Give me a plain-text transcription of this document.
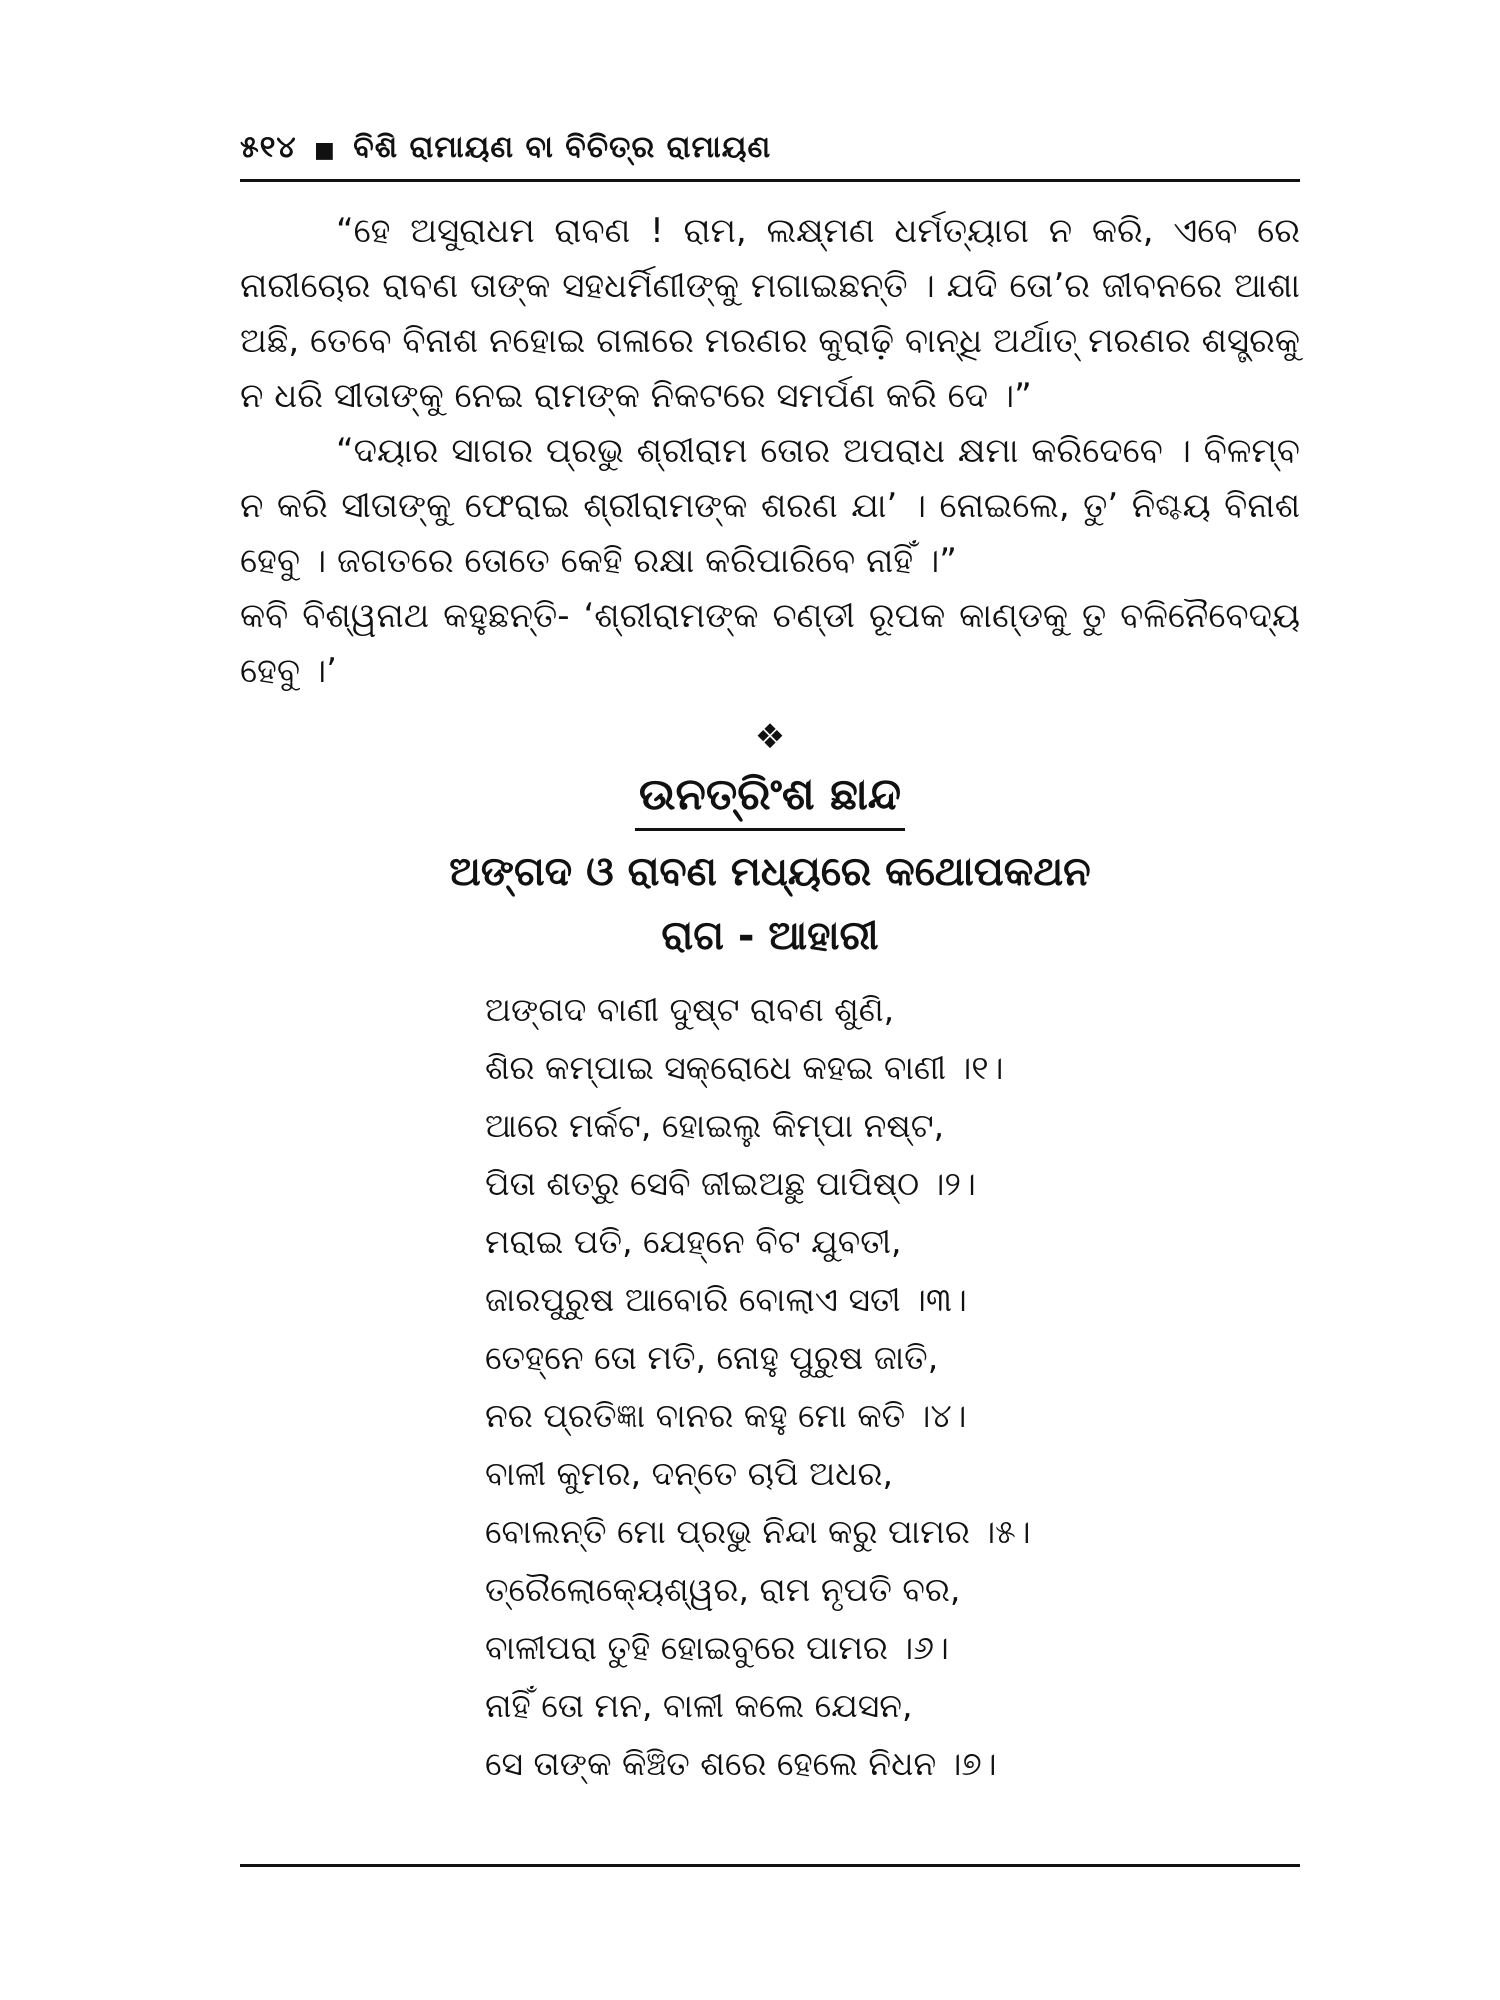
୫୧୪ ■ ବିଶି ରାମାୟଣ ବା ବିଚିତ୍ର ରାମାୟଣ

“ହେ ଅସୁରାଧମ ରାବଣ ! ରାମ, ଲକ୍ଷ୍ମଣ ଧର୍ମତ୍ୟାଗ ନ କରି, ଏବେ ରେ ନାରୀଚୋର ରାବଣ ତାଙ୍କ ସହଧର୍ମିଣୀଙ୍କୁ ମଗାଇଛନ୍ତି । ଯଦି ତୋ’ର ଜୀବନରେ ଆଶା ଅଛି, ତେବେ ବିନାଶ ନହୋଇ ଗଳାରେ ମରଣର କୁରାଢ଼ି ବାନ୍ଧି ଅର୍ଥାତ୍ ମରଣର ଶସ୍ତ୍ରକୁ ନ ଧରି ସୀତାଙ୍କୁ ନେଇ ରାମଙ୍କ ନିକଟରେ ସମର୍ପଣ କରି ଦେ ।”

“ଦୟାର ସାଗର ପ୍ରଭୁ ଶ୍ରୀରାମ ତୋର ଅପରାଧ କ୍ଷମା କରିଦେବେ । ବିଳମ୍ବ ନ କରି ସୀତାଙ୍କୁ ଫେରାଇ ଶ୍ରୀରାମଙ୍କ ଶରଣ ଯା’ । ନୋଇଲେ, ତୁ’ ନିଶ୍ଚୟ ବିନାଶ ହେବୁ । ଜଗତରେ ତୋତେ କେହି ରକ୍ଷା କରିପାରିବେ ନାହିଁ ।”

କବି ବିଶ୍ୱନାଥ କହୁଛନ୍ତି- ‘ଶ୍ରୀରାମଙ୍କ ଚଣ୍ଡୀ ରୂପକ କାଣ୍ଡକୁ ତୁ ବଳିନୈବେଦ୍ୟ ହେବୁ ।’

❖
ଉନତ୍ରିଂଶ ଛାନ୍ଦ
ଅଙ୍ଗଦ ଓ ରାବଣ ମଧ୍ୟରେ କଥୋପକଥନ
ରାଗ - ଆହାରୀ
ଅଙ୍ଗଦ ବାଣୀ ଦୁଷ୍ଟ ରାବଣ ଶୁଣି,
ଶିର କମ୍ପାଇ ସକ୍ରୋଧେ କହଇ ବାଣୀ ।୧।
ଆରେ ମର୍କଟ, ହୋଇଲୁ କିମ୍ପା ନଷ୍ଟ,
ପିତା ଶତ୍ରୁ ସେବି ଜୀଇଅଛୁ ପାପିଷ୍ଠ ।୨।
ମରାଇ ପତି, ଯେହ୍ନେ ବିଟ ଯୁବତୀ,
ଜାରପୁରୁଷ ଆବୋରି ବୋଲାଏ ସତୀ ।୩।
ତେହ୍ନେ ତୋ ମତି, ନୋହୁ ପୁରୁଷ ଜାତି,
ନର ପ୍ରତିଜ୍ଞା ବାନର କହୁ ମୋ କତି ।୪।
ବାଳୀ କୁମର, ଦନ୍ତେ ଚାପି ଅଧର,
ବୋଲନ୍ତି ମୋ ପ୍ରଭୁ ନିନ୍ଦା କରୁ ପାମର ।୫।
ତ୍ରୈଲୋକ୍ୟେଶ୍ୱର, ରାମ ନୃପତି ବର,
ବାଳୀପରା ତୁହି ହୋଇବୁରେ ପାମର ।୬।
ନାହିଁ ତୋ ମନ, ବାଳୀ କଲେ ଯେସନ,
ସେ ତାଙ୍କ କିଞ୍ଚିତ ଶରେ ହେଲେ ନିଧନ ।୭।
